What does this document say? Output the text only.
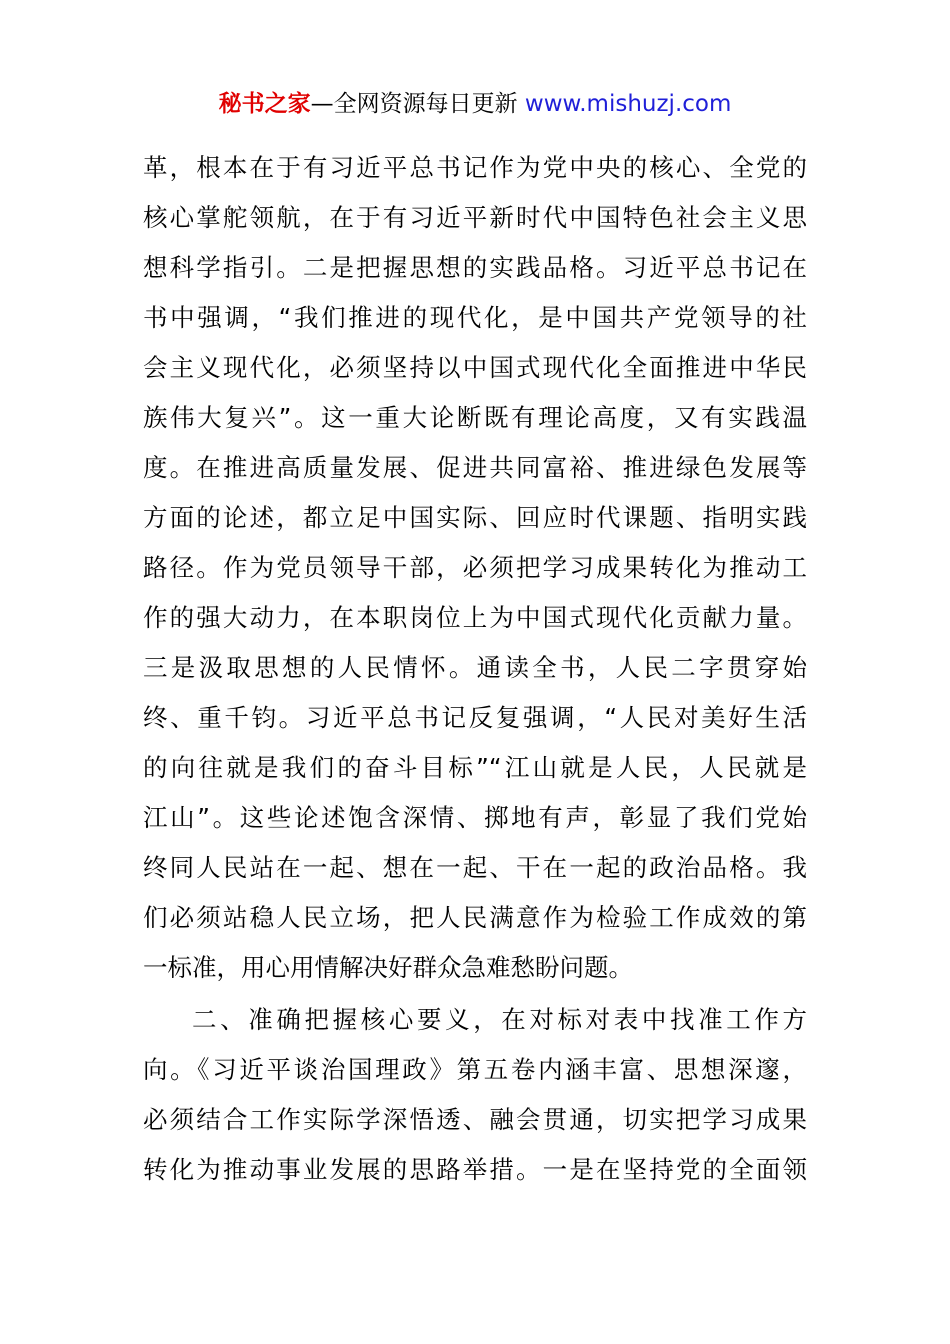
秘书之家—全网资源每日更新 www.mishuzj.com
革，根本在于有习近平总书记作为党中央的核心、全党的
核心掌舵领航，在于有习近平新时代中国特色社会主义思
想科学指引。二是把握思想的实践品格。习近平总书记在
书中强调，“我们推进的现代化，是中国共产党领导的社
会主义现代化，必须坚持以中国式现代化全面推进中华民
族伟大复兴”。这一重大论断既有理论高度，又有实践温
度。在推进高质量发展、促进共同富裕、推进绿色发展等
方面的论述，都立足中国实际、回应时代课题、指明实践
路径。作为党员领导干部，必须把学习成果转化为推动工
作的强大动力，在本职岗位上为中国式现代化贡献力量。
三是汲取思想的人民情怀。通读全书，人民二字贯穿始
终、重千钧。习近平总书记反复强调，“人民对美好生活
的向往就是我们的奋斗目标”“江山就是人民，人民就是
江山”。这些论述饱含深情、掷地有声，彰显了我们党始
终同人民站在一起、想在一起、干在一起的政治品格。我
们必须站稳人民立场，把人民满意作为检验工作成效的第
一标准，用心用情解决好群众急难愁盼问题。
二、准确把握核心要义，在对标对表中找准工作方
向。《习近平谈治国理政》第五卷内涵丰富、思想深邃，
必须结合工作实际学深悟透、融会贯通，切实把学习成果
转化为推动事业发展的思路举措。一是在坚持党的全面领
